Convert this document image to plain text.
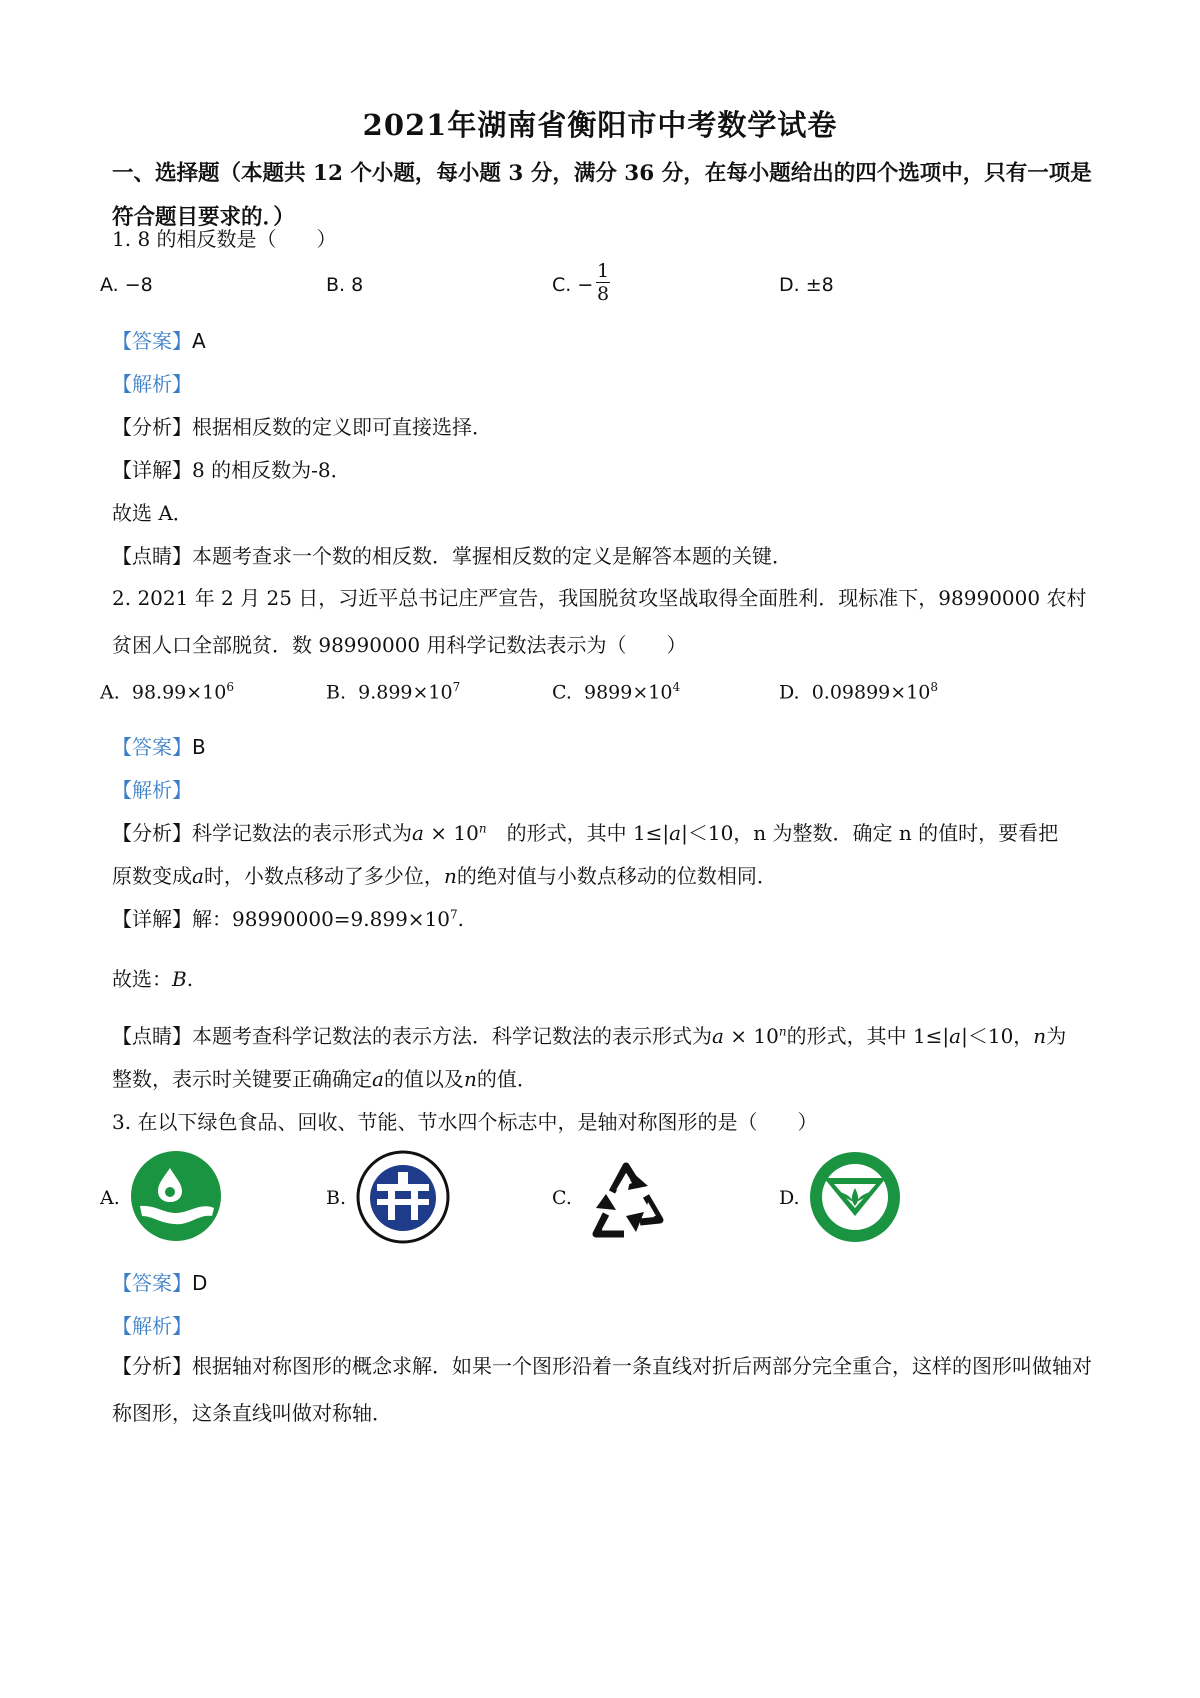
2021年湖南省衡阳市中考数学试卷
一、选择题（本题共 12 个小题，每小题 3 分，满分 36 分，在每小题给出的四个选项中，只有一项是符合题目要求的．）
1. 8 的相反数是（　　）
A. −8	B. 8	C. −
1
8	D. ±8
【答案】A
【解析】
【分析】根据相反数的定义即可直接选择．
【详解】8 的相反数为-8．
故选 A．
【点睛】本题考查求一个数的相反数．掌握相反数的定义是解答本题的关键．
2. 2021 年 2 月 25 日，习近平总书记庄严宣告，我国脱贫攻坚战取得全面胜利．现标准下，98990000 农村贫困人口全部脱贫．数 98990000 用科学记数法表示为（　　）
A. $98.99\times 10^6$	B. $9.899\times 10^7$	C. $9899\times 10^4$	D. $0.09899\times 10^8$
【答案】B
【解析】
【分析】科学记数法的表示形式为$a \times 10^n$　的形式，其中 1≤|a|＜10，n 为整数．确定 n 的值时，要看把
原数变成a时，小数点移动了多少位，n的绝对值与小数点移动的位数相同．
【详解】解：$98990000=9.899\times 10^7$.
故选：B.
【点睛】本题考查科学记数法的表示方法．科学记数法的表示形式为$a \times 10^n$的形式，其中 1≤|a|＜10，n为
整数，表示时关键要正确确定a的值以及n的值．
3. 在以下绿色食品、回收、节能、节水四个标志中，是轴对称图形的是（　　）
A.	B.	C.	D.
【答案】D
【解析】
【分析】根据轴对称图形的概念求解．如果一个图形沿着一条直线对折后两部分完全重合，这样的图形叫做轴对称图形，这条直线叫做对称轴．
